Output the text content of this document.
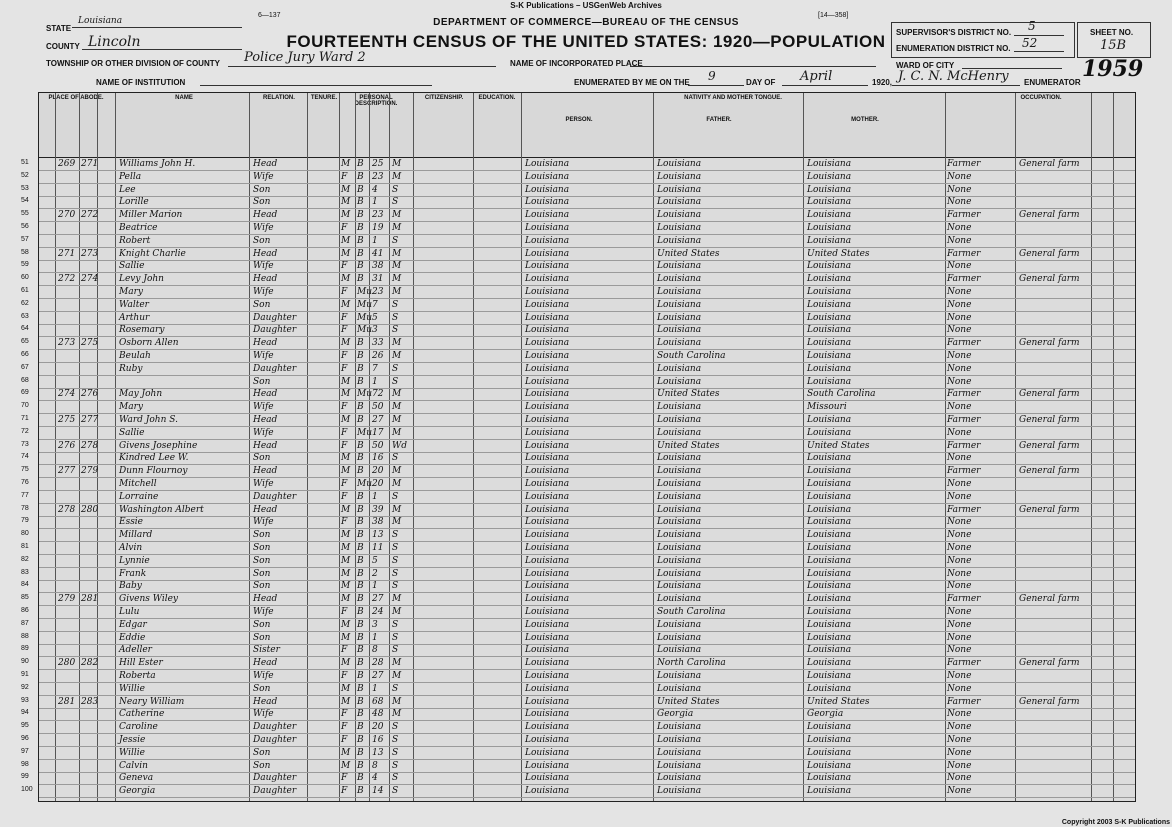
S-K Publications – USGenWeb Archives
6—137	[14—358]
DEPARTMENT OF COMMERCE—BUREAU OF THE CENSUS
FOURTEENTH CENSUS OF THE UNITED STATES: 1920—POPULATION
STATE
Louisiana
COUNTY Lincoln
TOWNSHIP OR OTHER DIVISION OF COUNTY Police Jury Ward 2
NAME OF INSTITUTION
NAME OF INCORPORATED PLACE
ENUMERATED BY ME ON THE 9	DAY OF April	1920, J. C. N. McHenry ENUMERATOR
SUPERVISOR'S DISTRICT NO. 5
ENUMERATION DISTRICT NO. 52
SHEET NO.
15B
WARD OF CITY	1959
PLACE OF ABODE.	NAME	RELATION.	TENURE.	PERSONAL DESCRIPTION.
CITIZENSHIP.	EDUCATION.	NATIVITY AND MOTHER TONGUE.	OCCUPATION.
PERSON.	FATHER.	MOTHER.
51	269 271 Williams John H.	Head	M B 25 M	Louisiana	Louisiana	Louisiana	Farmer	General farm
52	Pella	Wife	F B 23 M	Louisiana	Louisiana	Louisiana	None
53	Lee	Son	M B 4 S	Louisiana	Louisiana	Louisiana	None
54	Lorille	Son	M B 1 S	Louisiana	Louisiana	Louisiana	None
55	270 272 Miller Marion	Head	M B 23 M	Louisiana	Louisiana	Louisiana	Farmer	General farm
56	Beatrice	Wife	F B 19 M	Louisiana	Louisiana	Louisiana	None
57	Robert	Son	M B 1 S	Louisiana	Louisiana	Louisiana	None
58	271 273 Knight Charlie	Head	M B 41 M	Louisiana	United States	United States	Farmer	General farm
59	Sallie	Wife	F B 38 M	Louisiana	Louisiana	Louisiana	None
60	272 274 Levy John	Head	M B 31 M	Louisiana	Louisiana	Louisiana	Farmer	General farm
61	Mary	Wife	F Mu 23 M	Louisiana	Louisiana	Louisiana	None
62	Walter	Son	M Mu 7 S	Louisiana	Louisiana	Louisiana	None
63	Arthur	Daughter	F Mu 5 S	Louisiana	Louisiana	Louisiana	None
64	Rosemary	Daughter	F Mu 3 S	Louisiana	Louisiana	Louisiana	None
65	273 275 Osborn Allen	Head	M B 33 M	Louisiana	Louisiana	Louisiana	Farmer	General farm
66	Beulah	Wife	F B 26 M	Louisiana	South Carolina	Louisiana	None
67	Ruby	Daughter	F B 7 S	Louisiana	Louisiana	Louisiana	None
68	Son	M B 1 S	Louisiana	Louisiana	Louisiana	None
69	274 276 May John	Head	M Mu 72 M	Louisiana	United States	South Carolina	Farmer	General farm
70	Mary	Wife	F B 50 M	Louisiana	Louisiana	Missouri	None
71	275 277 Ward John S.	Head	M B 27 M	Louisiana	Louisiana	Louisiana	Farmer	General farm
72	Sallie	Wife	F Mu 17 M	Louisiana	Louisiana	Louisiana	None
73	276 278 Givens Josephine	Head	F B 50 Wd	Louisiana	United States	United States	Farmer	General farm
74	Kindred Lee W.	Son	M B 16 S	Louisiana	Louisiana	Louisiana	None
75	277 279 Dunn Flournoy	Head	M B 20 M	Louisiana	Louisiana	Louisiana	Farmer	General farm
76	Mitchell	Wife	F Mu 20 M	Louisiana	Louisiana	Louisiana	None
77	Lorraine	Daughter	F B 1 S	Louisiana	Louisiana	Louisiana	None
78	278 280 Washington Albert	Head	M B 39 M	Louisiana	Louisiana	Louisiana	Farmer	General farm
79	Essie	Wife	F B 38 M	Louisiana	Louisiana	Louisiana	None
80	Millard	Son	M B 13 S	Louisiana	Louisiana	Louisiana	None
81	Alvin	Son	M B 11 S	Louisiana	Louisiana	Louisiana	None
82	Lynnie	Son	M B 5 S	Louisiana	Louisiana	Louisiana	None
83	Frank	Son	M B 2 S	Louisiana	Louisiana	Louisiana	None
84	Baby	Son	M B 1 S	Louisiana	Louisiana	Louisiana	None
85	279 281 Givens Wiley	Head	M B 27 M	Louisiana	Louisiana	Louisiana	Farmer	General farm
86	Lulu	Wife	F B 24 M	Louisiana	South Carolina	Louisiana	None
87	Edgar	Son	M B 3 S	Louisiana	Louisiana	Louisiana	None
88	Eddie	Son	M B 1 S	Louisiana	Louisiana	Louisiana	None
89	Adeller	Sister	F B 8 S	Louisiana	Louisiana	Louisiana	None
90	280 282 Hill Ester	Head	M B 28 M	Louisiana	North Carolina	Louisiana	Farmer	General farm
91	Roberta	Wife	F B 27 M	Louisiana	Louisiana	Louisiana	None
92	Willie	Son	M B 1 S	Louisiana	Louisiana	Louisiana	None
93	281 283 Neary William	Head	M B 68 M	Louisiana	United States	United States	Farmer	General farm
94	Catherine	Wife	F B 48 M	Louisiana	Georgia	Georgia	None
95	Caroline	Daughter	F B 20 S	Louisiana	Louisiana	Louisiana	None
96	Jessie	Daughter	F B 16 S	Louisiana	Louisiana	Louisiana	None
97	Willie	Son	M B 13 S	Louisiana	Louisiana	Louisiana	None
98	Calvin	Son	M B 8 S	Louisiana	Louisiana	Louisiana	None
99	Geneva	Daughter	F B 4 S	Louisiana	Louisiana	Louisiana	None
100	Georgia	Daughter	F B 14 S	Louisiana	Louisiana	Louisiana	None
Copyright 2003 S-K Publications
